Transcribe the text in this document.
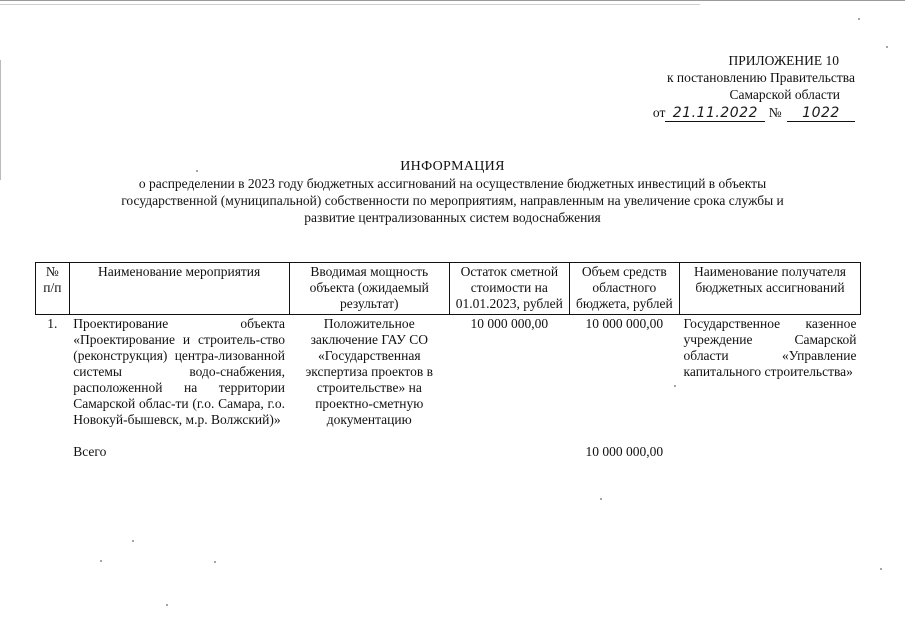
ПРИЛОЖЕНИЕ 10
к постановлению Правительства
Самарской области
от 21.11.2022 № 1022
ИНФОРМАЦИЯ
о распределении в 2023 году бюджетных ассигнований на осуществление бюджетных инвестиций в объекты
государственной (муниципальной) собственности по мероприятиям, направленным на увеличение срока службы и
развитие централизованных систем водоснабжения
№ п/п	Наименование мероприятия	Вводимая мощность объекта (ожидаемый результат)	Остаток сметной стоимости на 01.01.2023, рублей	Объем средств областного бюджета, рублей	Наименование получателя бюджетных ассигнований
1.	Проектирование объекта «Проектирование и строитель-ство (реконструкция) центра-лизованной системы водо-снабжения, расположенной на территории Самарской облас-ти (г.о. Самара, г.о. Новокуй-бышевск, м.р. Волжский)»	Положительное заключение ГАУ СО «Государственная экспертиза проектов в строительстве» на проектно-сметную документацию	10 000 000,00	10 000 000,00	Государственное казенное учреждение Самарской области «Управление капитального строительства»
	Всего			10 000 000,00	
